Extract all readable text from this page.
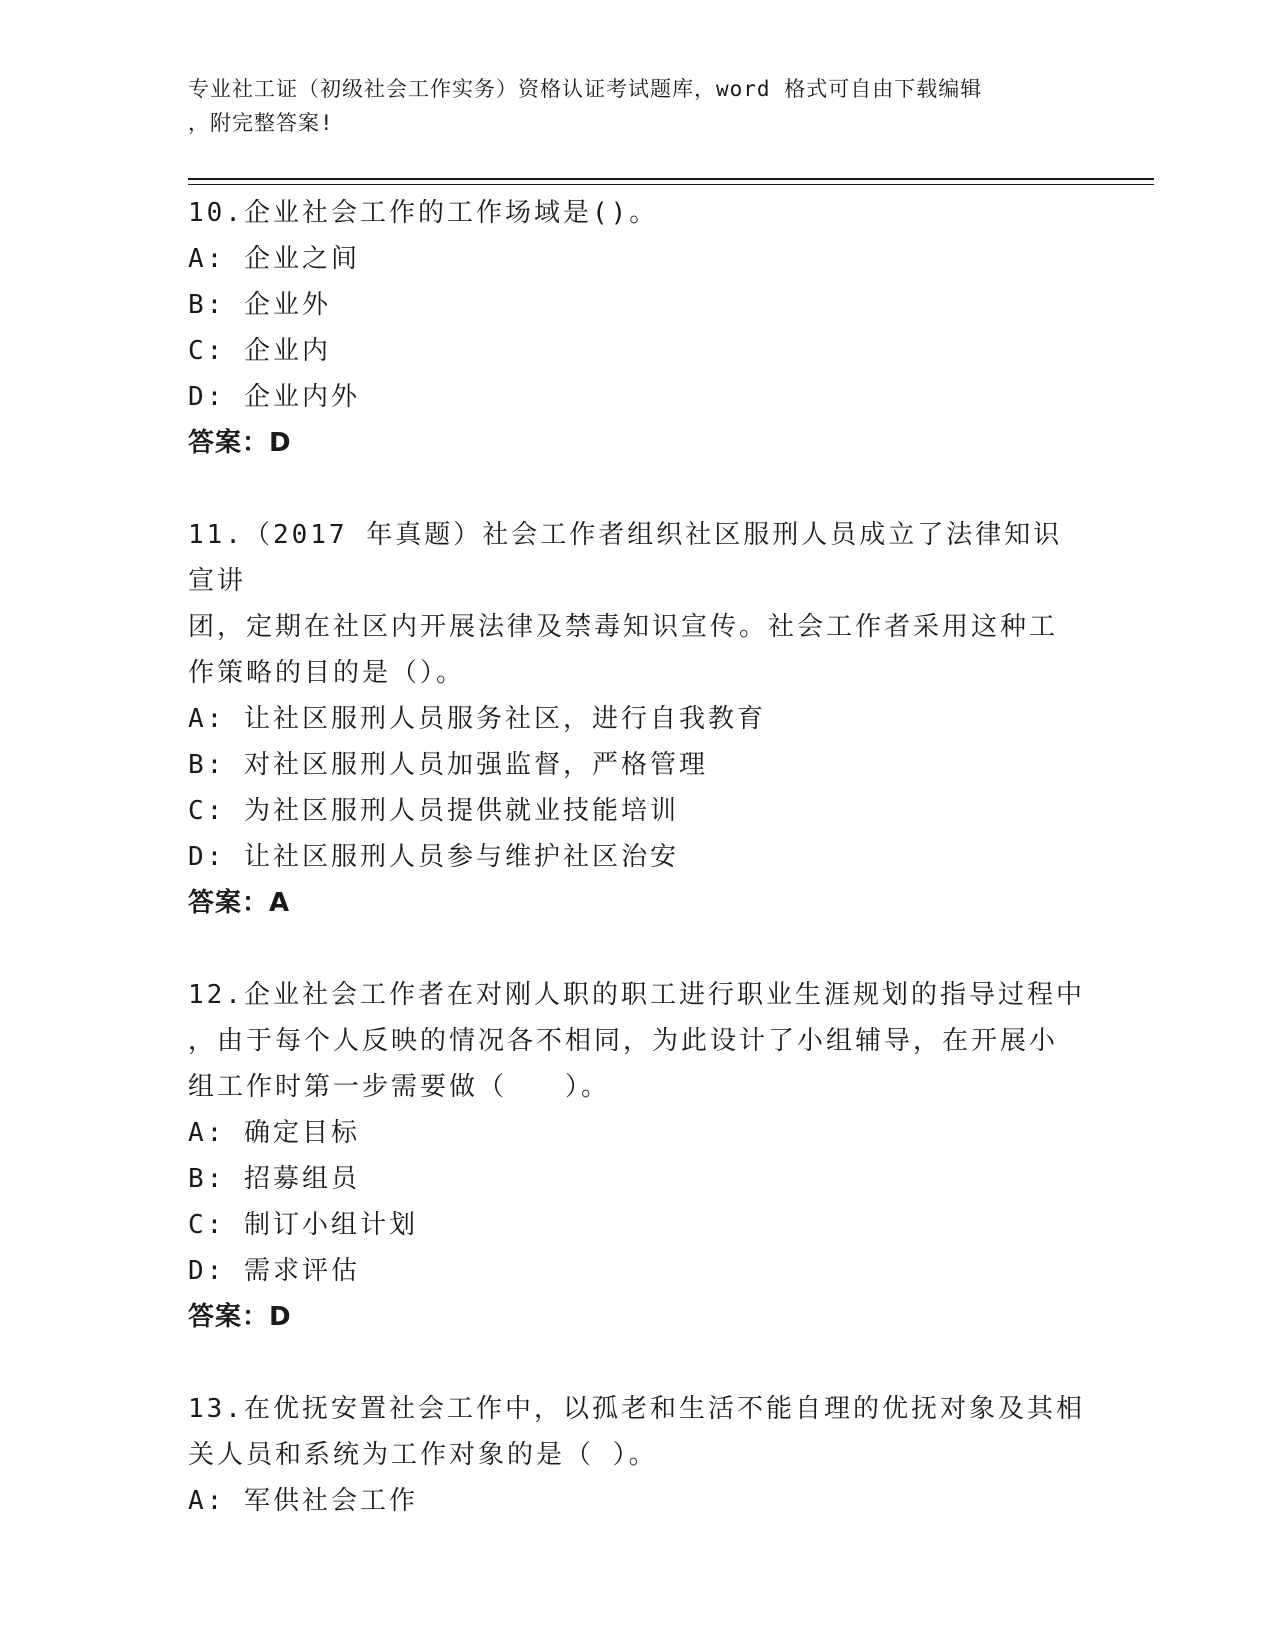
专业社工证（初级社会工作实务）资格认证考试题库，word 格式可自由下载编辑
，附完整答案!

10.企业社会工作的工作场域是()。

A: 企业之间

B: 企业外

C: 企业内

D: 企业内外

答案：D

11.（2017 年真题）社会工作者组织社区服刑人员成立了法律知识宣讲

团，定期在社区内开展法律及禁毒知识宣传。社会工作者采用这种工

作策略的目的是（）。

A: 让社区服刑人员服务社区，进行自我教育

B: 对社区服刑人员加强监督，严格管理

C: 为社区服刑人员提供就业技能培训

D: 让社区服刑人员参与维护社区治安

答案：A

12.企业社会工作者在对刚人职的职工进行职业生涯规划的指导过程中

，由于每个人反映的情况各不相同，为此设计了小组辅导，在开展小

组工作时第一步需要做（　　）。

A: 确定目标

B: 招募组员

C: 制订小组计划

D: 需求评估

答案：D

13.在优抚安置社会工作中，以孤老和生活不能自理的优抚对象及其相

关人员和系统为工作对象的是（ ）。

A: 军供社会工作
